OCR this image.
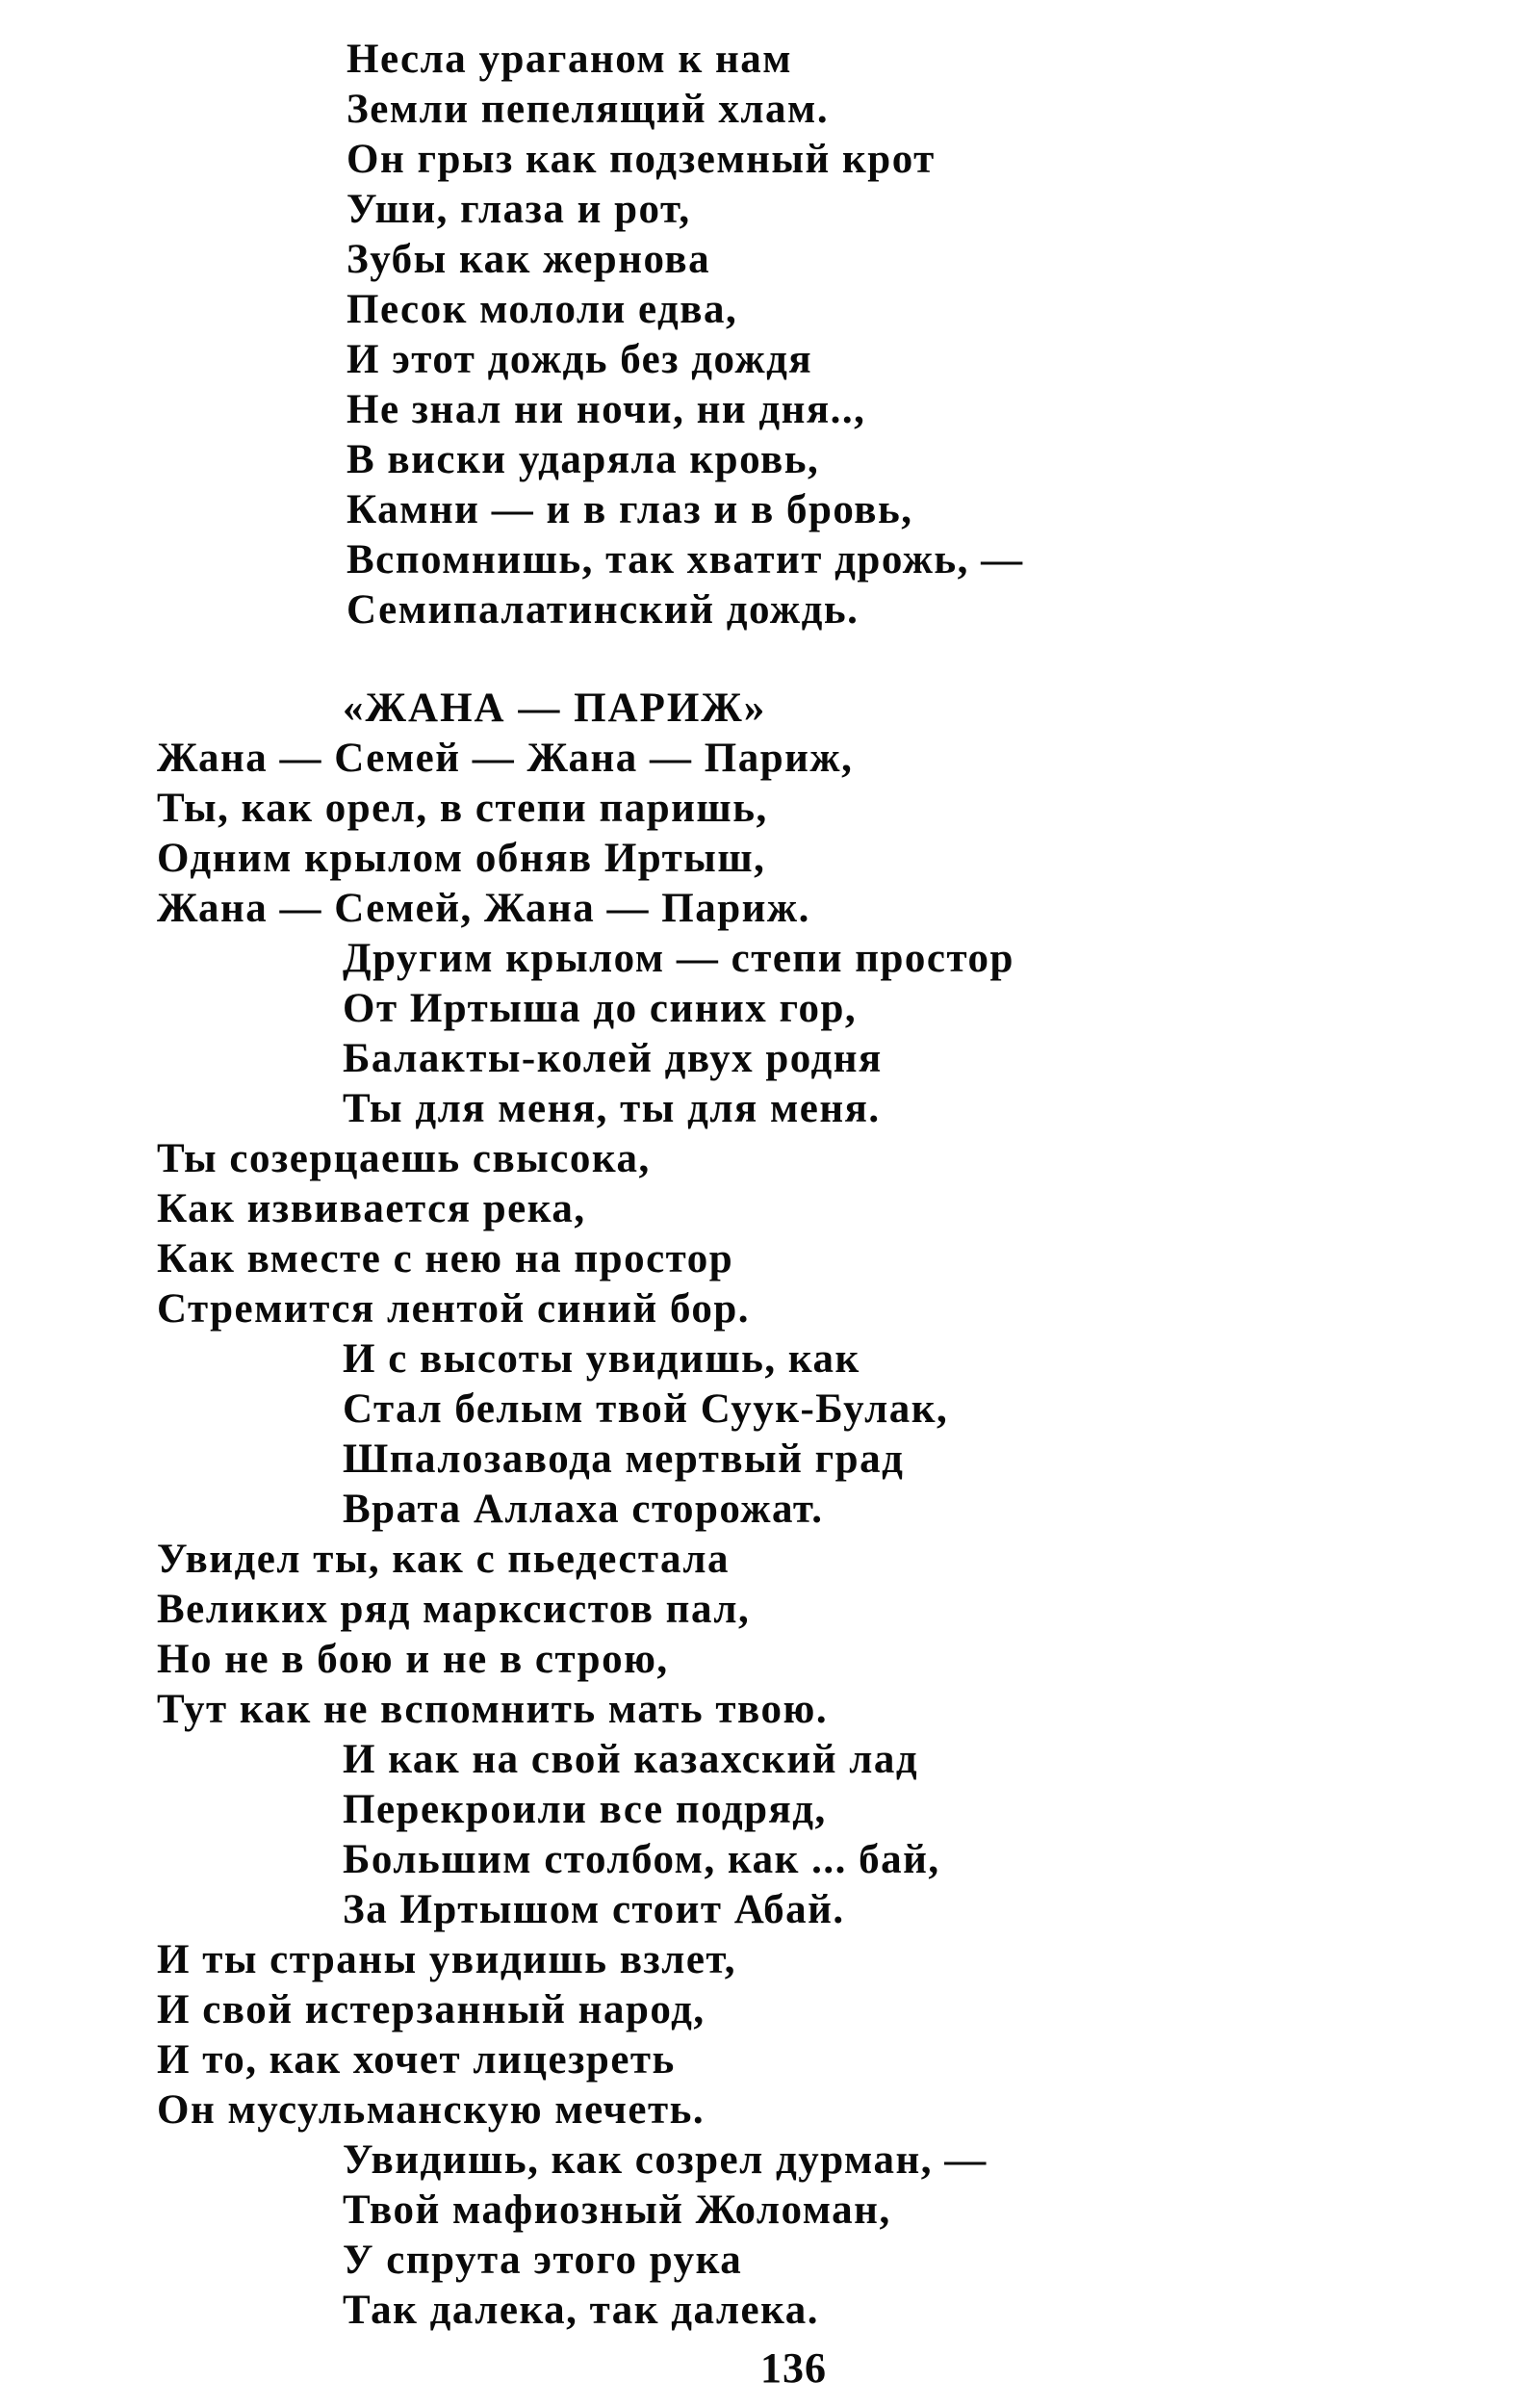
Несла ураганом к нам
Земли пепелящий хлам.
Он грыз как подземный крот
Уши, глаза и рот,
Зубы как жернова
Песок мололи едва,
И этот дождь без дождя
Не знал ни ночи, ни дня..,
В виски ударяла кровь,
Камни — и в глаз и в бровь,
Вспомнишь, так хватит дрожь, —
Семипалатинский дождь.
«ЖАНА — ПАРИЖ»
Жана — Семей — Жана — Париж,
Ты, как орел, в степи паришь,
Одним крылом обняв Иртыш,
Жана — Семей, Жана — Париж.
Другим крылом — степи простор
От Иртыша до синих гор,
Балакты-колей двух родня
Ты для меня, ты для меня.
Ты созерцаешь свысока,
Как извивается река,
Как вместе с нею на простор
Стремится лентой синий бор.
И с высоты увидишь, как
Стал белым твой Суук-Булак,
Шпалозавода мертвый град
Врата Аллаха сторожат.
Увидел ты, как с пьедестала
Великих ряд марксистов пал,
Но не в бою и не в строю,
Тут как не вспомнить мать твою.
И как на свой казахский лад
Перекроили все подряд,
Большим столбом, как ... бай,
За Иртышом стоит Абай.
И ты страны увидишь взлет,
И свой истерзанный народ,
И то, как хочет лицезреть
Он мусульманскую мечеть.
Увидишь, как созрел дурман, —
Твой мафиозный Жоломан,
У спрута этого рука
Так далека, так далека.
136
